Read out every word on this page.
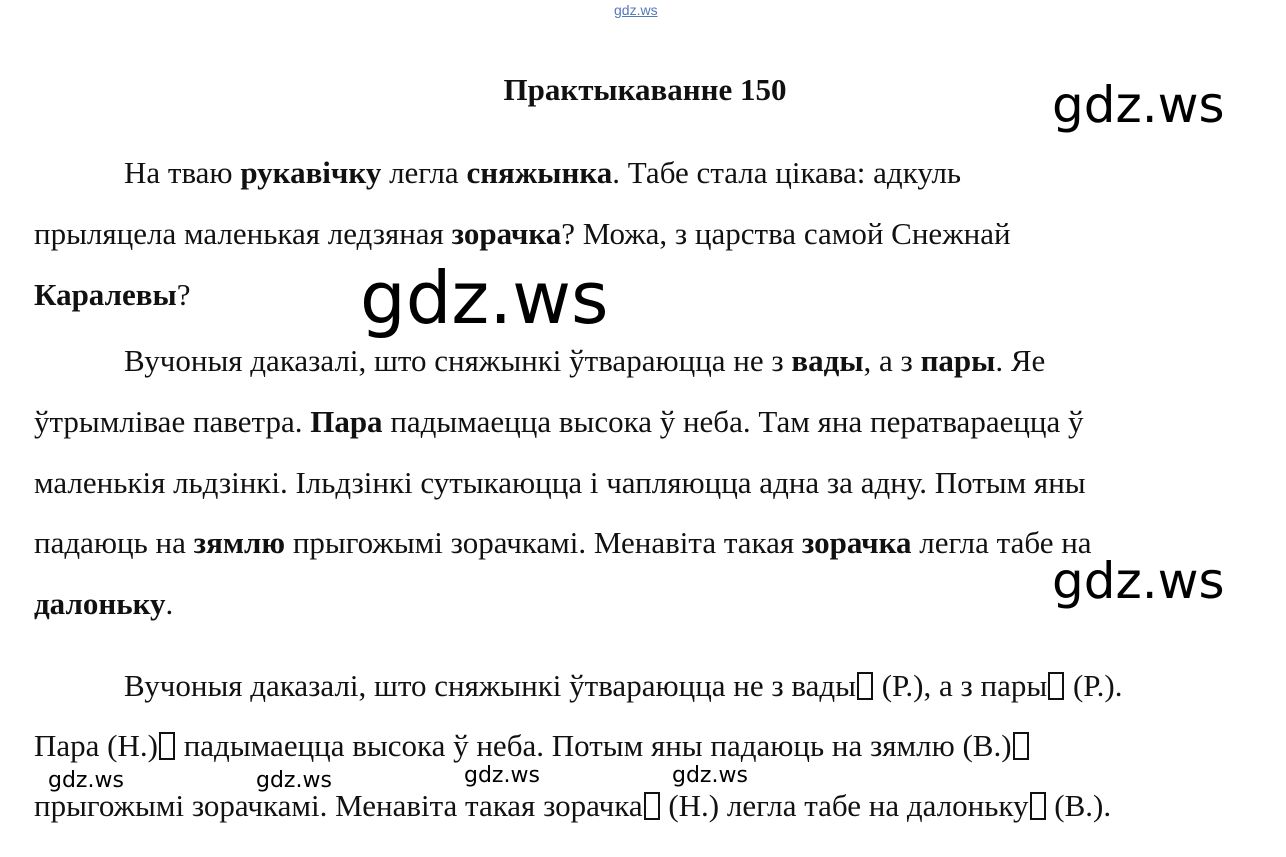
gdz.ws
Практыкаванне 150	gdz.ws
На тваю рукавічку легла сняжынка. Табе стала цікава: адкуль
прыляцела маленькая ледзяная зорачка? Можа, з царства самой Снежнай
Каралевы? gdz.ws
Вучоныя даказалі, што сняжынкі ўтвараюцца не з вады, а з пары. Яе
ўтрымлівае паветра. Пара падымаецца высока ў неба. Там яна ператвараецца ў
маленькія льдзінкі. Ільдзінкі сутыкаюцца і чапляюцца адна за адну. Потым яны
падаюць на зямлю прыгожымі зорачкамі. Менавіта такая зорачка легла табе на
далоньку.	gdz.ws
Вучоныя даказалі, што сняжынкі ўтвараюцца не з вады (Р.), а з пары (Р.).
Пара (Н.) падымаецца высока ў неба. Потым яны падаюць на зямлю (В.)
прыгожымі зорачкамі. Менавіта такая зорачка (Н.) легла табе на далоньку (В.).
gdz.ws	gdz.ws	gdz.ws	gdz.ws
